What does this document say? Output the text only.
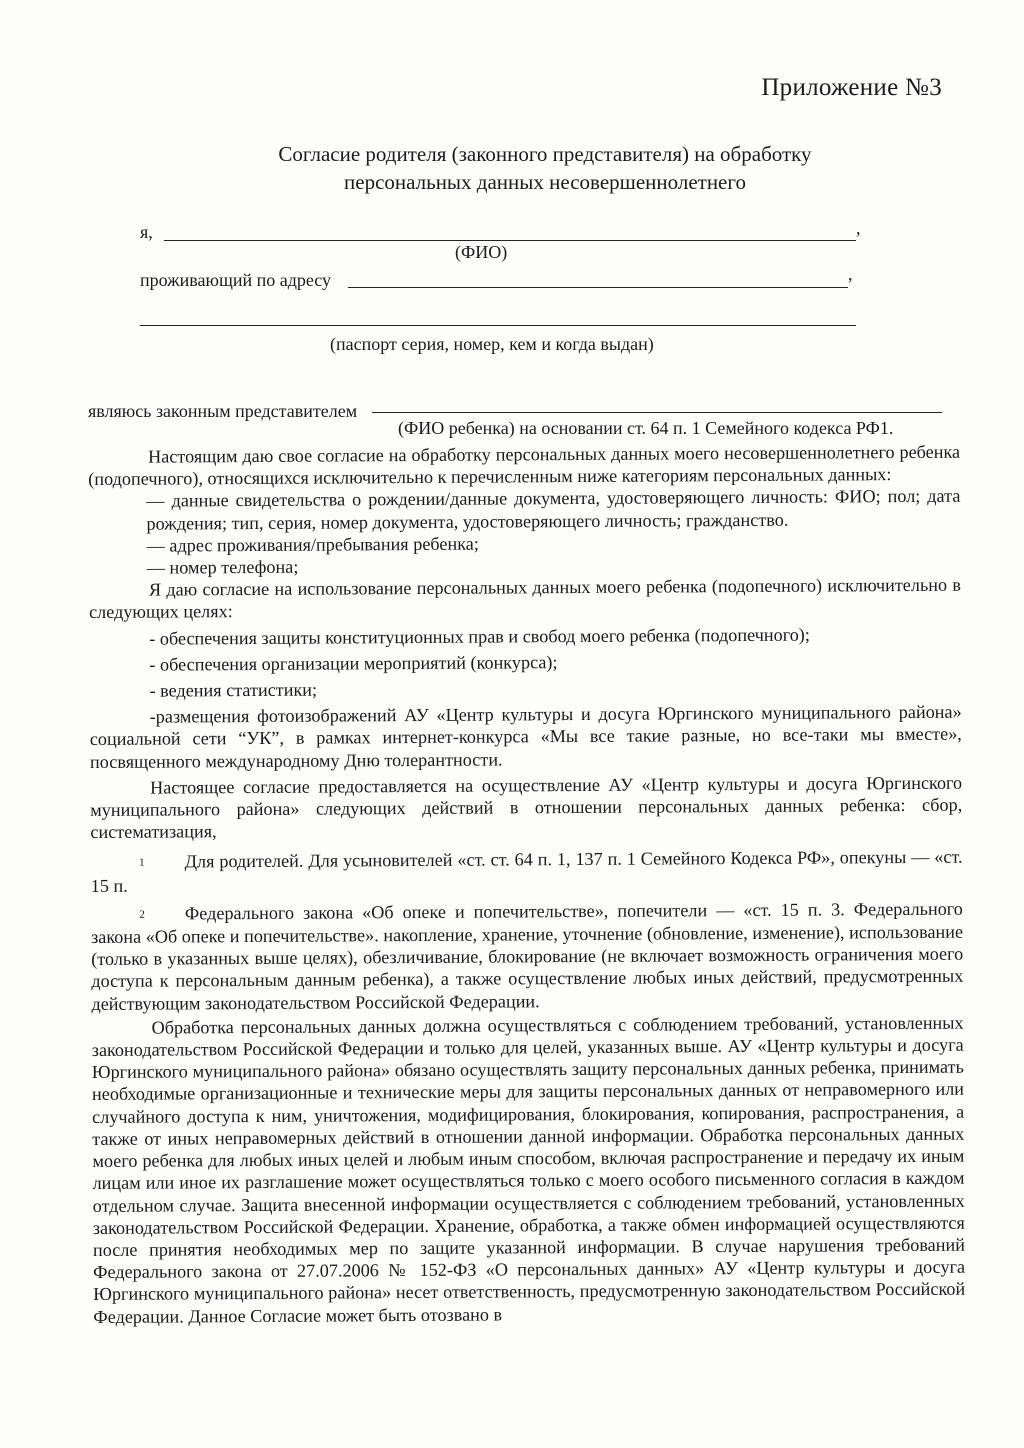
Приложение №3
Согласие родителя (законного представителя) на обработку
персональных данных несовершеннолетнего
я,	,
(ФИО)
проживающий по адресу	,
(паспорт серия, номер, кем и когда выдан)
являюсь законным представителем
(ФИО ребенка) на основании ст. 64 п. 1 Семейного кодекса РФ1.

Настоящим даю свое согласие на обработку персональных данных моего несовершеннолетнего ребенка (подопечного), относящихся исключительно к перечисленным ниже категориям персональных данных:

— данные свидетельства о рождении/данные документа, удостоверяющего личность: ФИО; пол; дата рождения; тип, серия, номер документа, удостоверяющего личность; гражданство.

— адрес проживания/пребывания ребенка;

— номер телефона;

Я даю согласие на использование персональных данных моего ребенка (подопечного) исключительно в следующих целях:

- обеспечения защиты конституционных прав и свобод моего ребенка (подопечного);

- обеспечения организации мероприятий (конкурса);

- ведения статистики;

-размещения фотоизображений АУ «Центр культуры и досуга Юргинского муниципального района» социальной сети “УК”, в рамках интернет-конкурса «Мы все такие разные, но все-таки мы вместе», посвященного международному Дню толерантности.

Настоящее согласие предоставляется на осуществление АУ «Центр культуры и досуга Юргинского муниципального района» следующих действий в отношении персональных данных ребенка: сбор, систематизация,

1 Для родителей. Для усыновителей «ст. ст. 64 п. 1, 137 п. 1 Семейного Кодекса РФ», опекуны — «ст. 15 п.

2 Федерального закона «Об опеке и попечительстве», попечители — «ст. 15 п. 3. Федерального закона «Об опеке и попечительстве». накопление, хранение, уточнение (обновление, изменение), использование (только в указанных выше целях), обезличивание, блокирование (не включает возможность ограничения моего доступа к персональным данным ребенка), а также осуществление любых иных действий, предусмотренных действующим законодательством Российской Федерации.

Обработка персональных данных должна осуществляться с соблюдением требований, установленных законодательством Российской Федерации и только для целей, указанных выше. АУ «Центр культуры и досуга Юргинского муниципального района» обязано осуществлять защиту персональных данных ребенка, принимать необходимые организационные и технические меры для защиты персональных данных от неправомерного или случайного доступа к ним, уничтожения, модифицирования, блокирования, копирования, распространения, а также от иных неправомерных действий в отношении данной информации. Обработка персональных данных моего ребенка для любых иных целей и любым иным способом, включая распространение и передачу их иным лицам или иное их разглашение может осуществляться только с моего особого письменного согласия в каждом отдельном случае. Защита внесенной информации осуществляется с соблюдением требований, установленных законодательством Российской Федерации. Хранение, обработка, а также обмен информацией осуществляются после принятия необходимых мер по защите указанной информации. В случае нарушения требований Федерального закона от 27.07.2006 № 152-ФЗ «О персональных данных» АУ «Центр культуры и досуга Юргинского муниципального района» несет ответственность, предусмотренную законодательством Российской Федерации. Данное Согласие может быть отозвано в
